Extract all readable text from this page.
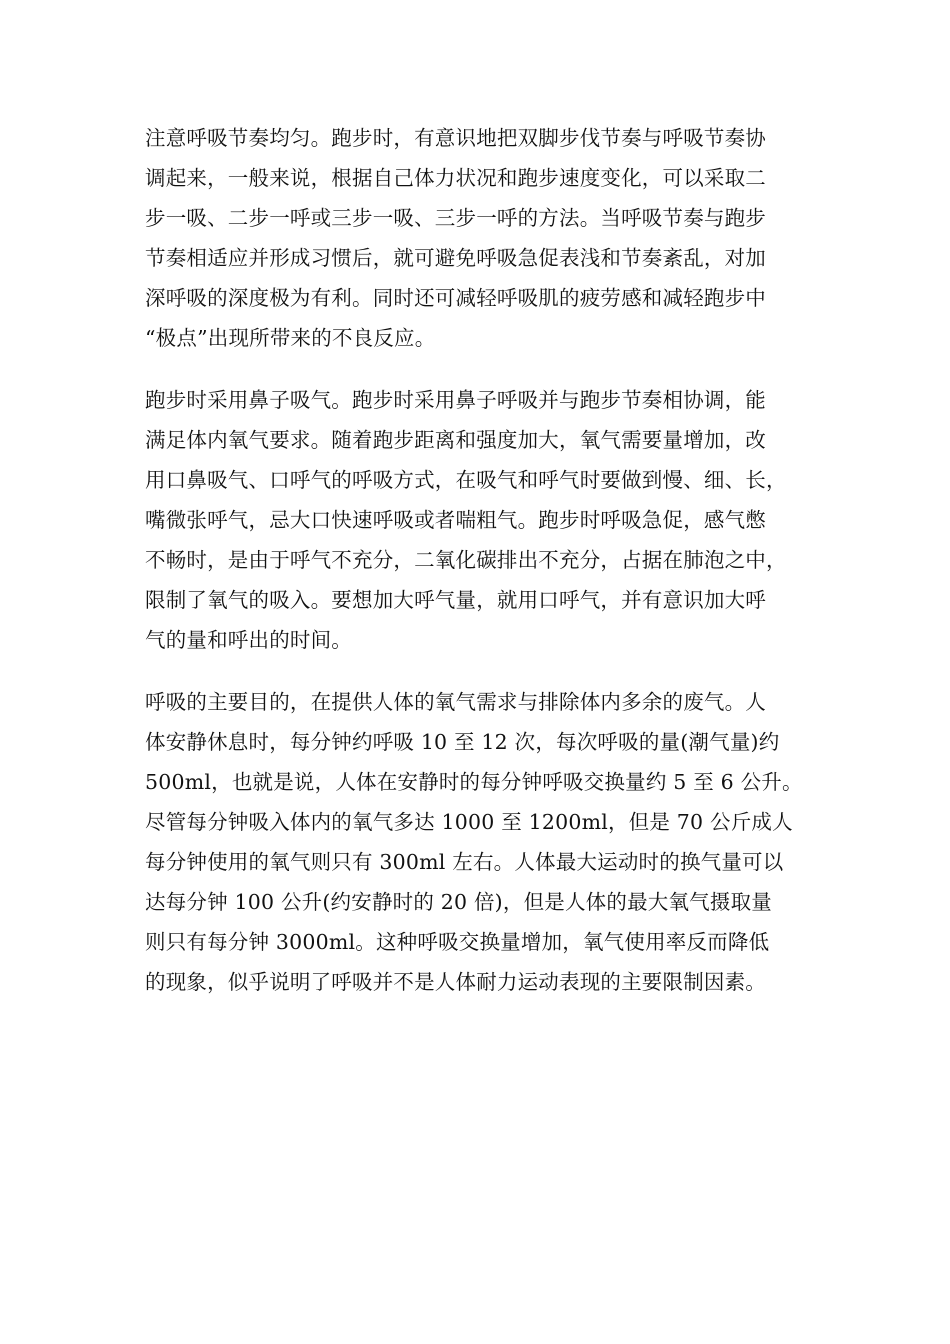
注意呼吸节奏均匀。跑步时，有意识地把双脚步伐节奏与呼吸节奏协
调起来，一般来说，根据自己体力状况和跑步速度变化，可以采取二
步一吸、二步一呼或三步一吸、三步一呼的方法。当呼吸节奏与跑步
节奏相适应并形成习惯后，就可避免呼吸急促表浅和节奏紊乱，对加
深呼吸的深度极为有利。同时还可减轻呼吸肌的疲劳感和减轻跑步中
“极点”出现所带来的不良反应。
跑步时采用鼻子吸气。跑步时采用鼻子呼吸并与跑步节奏相协调，能
满足体内氧气要求。随着跑步距离和强度加大，氧气需要量增加，改
用口鼻吸气、口呼气的呼吸方式，在吸气和呼气时要做到慢、细、长，
嘴微张呼气，忌大口快速呼吸或者喘粗气。跑步时呼吸急促，感气憋
不畅时，是由于呼气不充分，二氧化碳排出不充分，占据在肺泡之中，
限制了氧气的吸入。要想加大呼气量，就用口呼气，并有意识加大呼
气的量和呼出的时间。
呼吸的主要目的，在提供人体的氧气需求与排除体内多余的废气。人
体安静休息时，每分钟约呼吸 10 至 12 次，每次呼吸的量(潮气量)约
500ml，也就是说，人体在安静时的每分钟呼吸交换量约 5 至 6 公升。
尽管每分钟吸入体内的氧气多达 1000 至 1200ml，但是 70 公斤成人
每分钟使用的氧气则只有 300ml 左右。人体最大运动时的换气量可以
达每分钟 100 公升(约安静时的 20 倍)，但是人体的最大氧气摄取量
则只有每分钟 3000ml。这种呼吸交换量增加，氧气使用率反而降低
的现象，似乎说明了呼吸并不是人体耐力运动表现的主要限制因素。
